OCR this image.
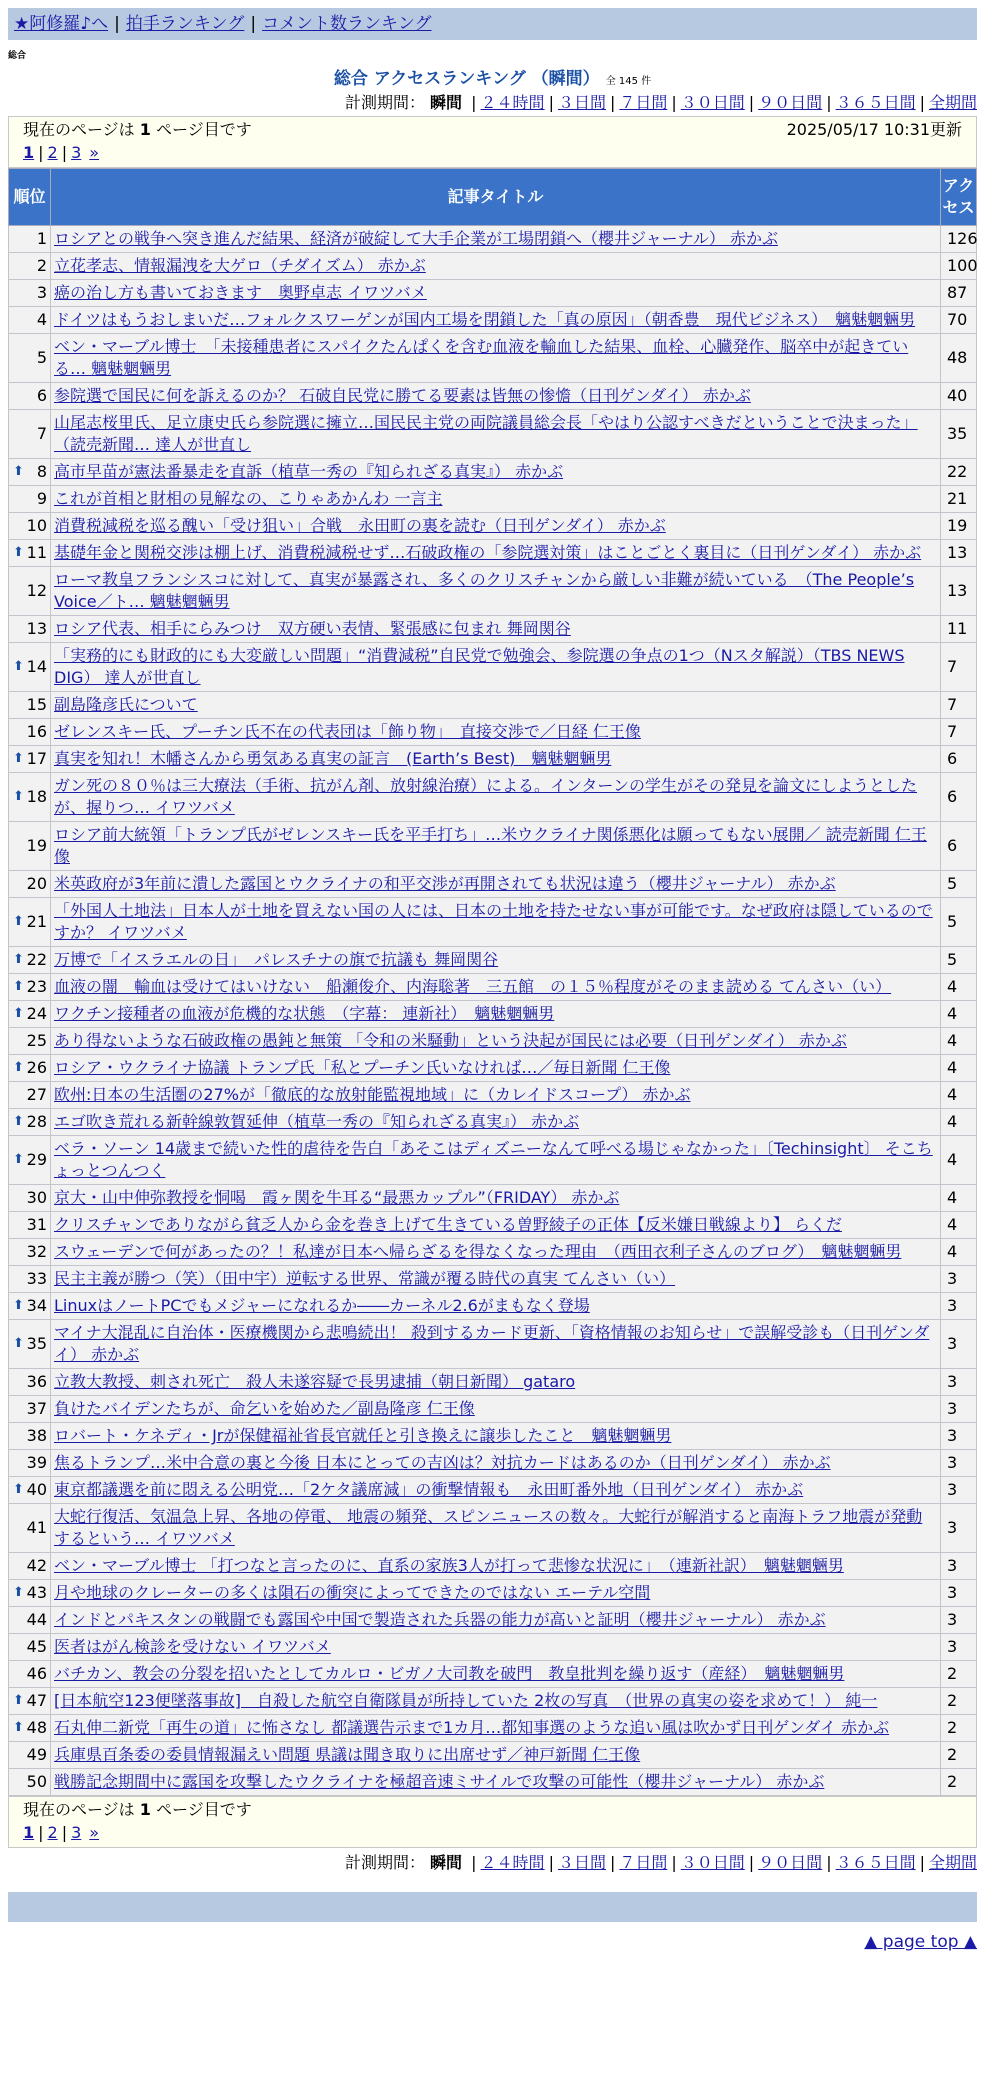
★阿修羅♪へ | 拍手ランキング | コメント数ランキング
総合
総合 アクセスランキング （瞬間） 全 145 件
計測期間： 瞬間 | ２４時間 | ３日間 | ７日間 | ３０日間 | ９０日間 | ３６５日間 | 全期間
現在のページは 1 ページ目です	2025/05/17 10:31更新
1 | 2 | 3 »
順位	記事タイトル	アクセス
1	ロシアとの戦争へ突き進んだ結果、経済が破綻して大手企業が工場閉鎖へ（櫻井ジャーナル） 赤かぶ	126
2	立花孝志、情報漏洩を大ゲロ（チダイズム） 赤かぶ	100
3	癌の治し方も書いておきます　奥野卓志 イワツバメ	87
4	ドイツはもうおしまいだ…フォルクスワーゲンが国内工場を閉鎖した「真の原因」（朝香豊　現代ビジネス）　魑魅魍魎男	70
5	ベン・マーブル博士　「未接種患者にスパイクたんぱくを含む血液を輸血した結果、血栓、心臓発作、脳卒中が起きている… 魑魅魍魎男	48
6	参院選で国民に何を訴えるのか？ 石破自民党に勝てる要素は皆無の惨憺（日刊ゲンダイ） 赤かぶ	40
7	山尾志桜里氏、足立康史氏ら参院選に擁立…国民民主党の両院議員総会長「やはり公認すべきだということで決まった」（読売新聞… 達人が世直し	35

⬆ 8	高市早苗が憲法番暴走を直訴（植草一秀の『知られざる真実』） 赤かぶ	22
9	これが首相と財相の見解なの、こりゃあかんわ 一言主	21
10	消費税減税を巡る醜い「受け狙い」合戦　永田町の裏を読む（日刊ゲンダイ） 赤かぶ	19

⬆ 11	基礎年金と関税交渉は棚上げ、消費税減税せず…石破政権の「参院選対策」はことごとく裏目に（日刊ゲンダイ） 赤かぶ	13
12	ローマ教皇フランシスコに対して、真実が暴露され、多くのクリスチャンから厳しい非難が続いている　（The People’s Voice／ト… 魑魅魍魎男	13
13	ロシア代表、相手にらみつけ　双方硬い表情、緊張感に包まれ 舞岡関谷	11

⬆ 14	「実務的にも財政的にも大変厳しい問題」“消費減税”自民党で勉強会、参院選の争点の1つ（Nスタ解説）（TBS NEWS DIG） 達人が世直し	7
15	副島隆彦氏について	7
16	ゼレンスキー氏、プーチン氏不在の代表団は「飾り物」　直接交渉で／日経 仁王像	7

⬆ 17	真実を知れ！木幡さんから勇気ある真実の証言　(Earth’s Best)　魑魅魍魎男	6

⬆ 18	ガン死の８０％は三大療法（手術、抗がん剤、放射線治療）による。インターンの学生がその発見を論文にしようとしたが、握りつ… イワツバメ	6
19	ロシア前大統領「トランプ氏がゼレンスキー氏を平手打ち」…米ウクライナ関係悪化は願ってもない展開／ 読売新聞 仁王像	6
20	米英政府が3年前に潰した露国とウクライナの和平交渉が再開されても状況は違う（櫻井ジャーナル） 赤かぶ	5

⬆ 21	「外国人土地法」日本人が土地を買えない国の人には、日本の土地を持たせない事が可能です。なぜ政府は隠しているのですか？ イワツバメ	5

⬆ 22	万博で「イスラエルの日」　パレスチナの旗で抗議も 舞岡関谷	5

⬆ 23	血液の闇　輸血は受けてはいけない　船瀬俊介、内海聡著　三五館　の１５％程度がそのまま読める てんさい（い）	4

⬆ 24	ワクチン接種者の血液が危機的な状態　（字幕： 連新社）　魑魅魍魎男	4
25	あり得ないような石破政権の愚鈍と無策 「令和の米騒動」という決起が国民には必要（日刊ゲンダイ） 赤かぶ	4

⬆ 26	ロシア・ウクライナ協議 トランプ氏「私とプーチン氏いなければ…／毎日新聞 仁王像	4
27	欧州:日本の生活圏の27%が「徹底的な放射能監視地域」に（カレイドスコープ） 赤かぶ	4

⬆ 28	エゴ吹き荒れる新幹線敦賀延伸（植草一秀の『知られざる真実』） 赤かぶ	4

⬆ 29	ベラ・ソーン 14歳まで続いた性的虐待を告白「あそこはディズニーなんて呼べる場じゃなかった」〔Techinsight〕 そこちょっとつんつく	4
30	京大・山中伸弥教授を恫喝　霞ヶ関を牛耳る“最悪カップル”（FRIDAY） 赤かぶ	4
31	クリスチャンでありながら貧乏人から金を巻き上げて生きている曽野綾子の正体【反米嫌日戦線より】 らくだ	4
32	スウェーデンで何があったの？！私達が日本へ帰らざるを得なくなった理由　（西田衣利子さんのブログ）　魑魅魍魎男	4
33	民主主義が勝つ（笑）（田中宇）逆転する世界、常識が覆る時代の真実 てんさい（い）	3

⬆ 34	LinuxはノートPCでもメジャーになれるか――カーネル2.6がまもなく登場	3

⬆ 35	マイナ大混乱に自治体・医療機関から悲鳴続出！ 殺到するカード更新、「資格情報のお知らせ」で誤解受診も（日刊ゲンダイ） 赤かぶ	3
36	立教大教授、刺され死亡　殺人未遂容疑で長男逮捕（朝日新聞） gataro	3
37	負けたバイデンたちが、命乞いを始めた／副島隆彦 仁王像	3
38	ロバート・ケネディ・Jrが保健福祉省長官就任と引き換えに譲歩したこと　魑魅魍魎男	3
39	焦るトランプ…米中合意の裏と今後 日本にとっての吉凶は？対抗カードはあるのか（日刊ゲンダイ） 赤かぶ	3

⬆ 40	東京都議選を前に悶える公明党…「2ケタ議席減」の衝撃情報も　永田町番外地（日刊ゲンダイ） 赤かぶ	3
41	大蛇行復活、気温急上昇、各地の停電、 地震の頻発、スピンニュースの数々。大蛇行が解消すると南海トラフ地震が発動するという… イワツバメ	3
42	ベン・マーブル博士 「打つなと言ったのに、直系の家族3人が打って悲惨な状況に」　（連新社訳）　魑魅魍魎男	3

⬆ 43	月や地球のクレーターの多くは隕石の衝突によってできたのではない エーテル空間	3
44	インドとパキスタンの戦闘でも露国や中国で製造された兵器の能力が高いと証明（櫻井ジャーナル） 赤かぶ	3
45	医者はがん検診を受けない イワツバメ	3
46	バチカン、教会の分裂を招いたとしてカルロ・ビガノ大司教を破門　教皇批判を繰り返す（産経）　魑魅魍魎男	2

⬆ 47	[日本航空123便墜落事故]　自殺した航空自衛隊員が所持していた 2枚の写真　（世界の真実の姿を求めて！） 純一	2

⬆ 48	石丸伸二新党「再生の道」に怖さなし 都議選告示まで1カ月…都知事選のような追い風は吹かず日刊ゲンダイ 赤かぶ	2
49	兵庫県百条委の委員情報漏えい問題 県議は聞き取りに出席せず／神戸新聞 仁王像	2
50	戦勝記念期間中に露国を攻撃したウクライナを極超音速ミサイルで攻撃の可能性（櫻井ジャーナル） 赤かぶ	2
現在のページは 1 ページ目です
1 | 2 | 3 »
計測期間： 瞬間 | ２４時間 | ３日間 | ７日間 | ３０日間 | ９０日間 | ３６５日間 | 全期間
▲ page top ▲
